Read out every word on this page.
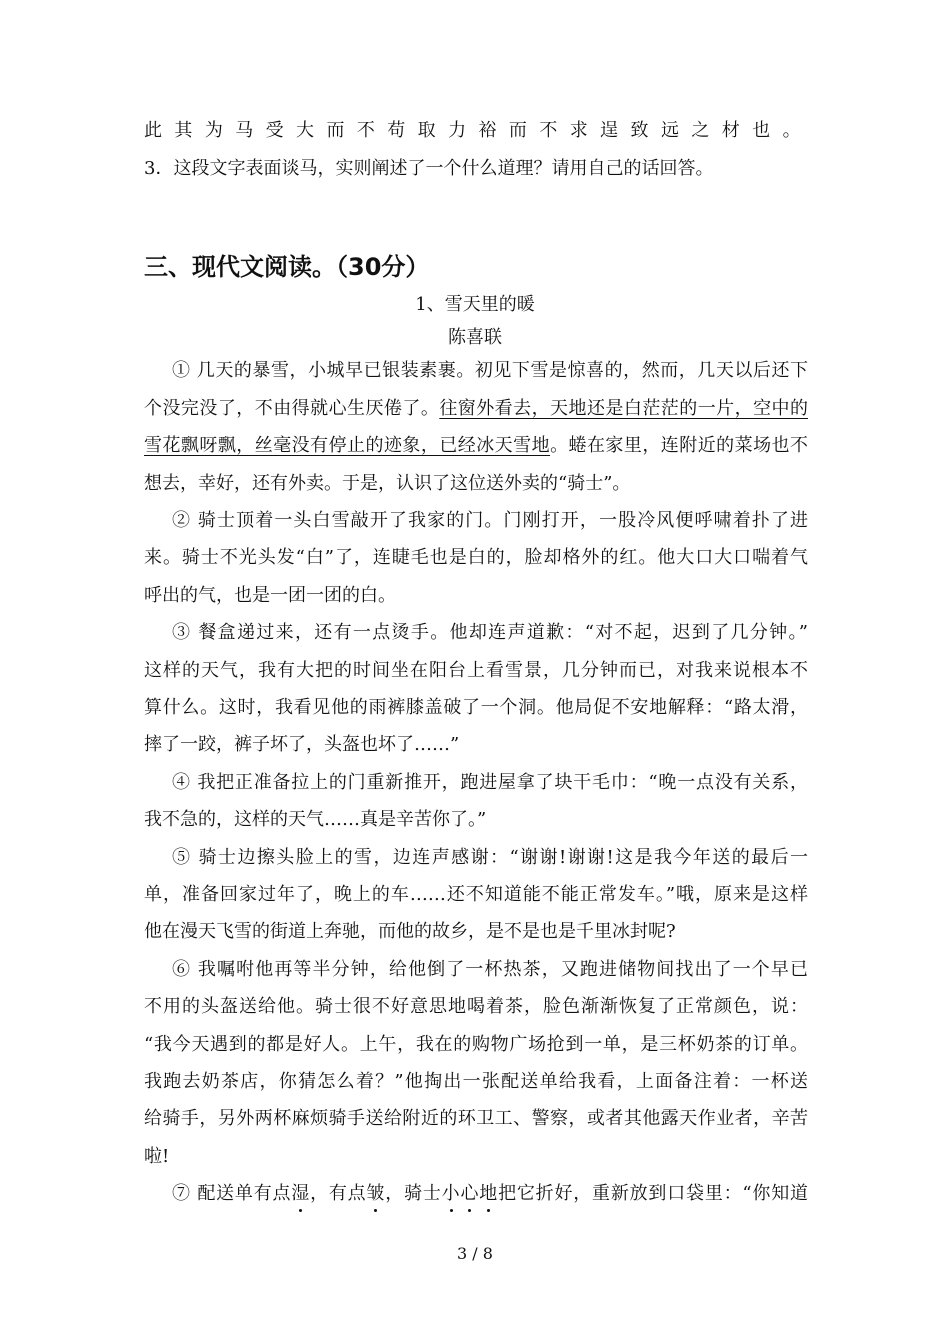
此其为马受大而不苟取力裕而不求逞致远之材也。
3．这段文字表面谈马，实则阐述了一个什么道理？请用自己的话回答。
三、现代文阅读。（30分）
1、雪天里的暖
陈喜联
① 几天的暴雪，小城早已银装素裹。初见下雪是惊喜的，然而，几天以后还下
个没完没了，不由得就心生厌倦了。往窗外看去，天地还是白茫茫的一片，空中的
雪花飘呀飘，丝毫没有停止的迹象，已经冰天雪地。蜷在家里，连附近的菜场也不
想去，幸好，还有外卖。于是，认识了这位送外卖的“骑士”。
② 骑士顶着一头白雪敲开了我家的门。门刚打开，一股冷风便呼啸着扑了进
来。骑士不光头发“白”了，连睫毛也是白的，脸却格外的红。他大口大口喘着气
呼出的气，也是一团一团的白。
③ 餐盒递过来，还有一点烫手。他却连声道歉：“对不起，迟到了几分钟。”
这样的天气，我有大把的时间坐在阳台上看雪景，几分钟而已，对我来说根本不
算什么。这时，我看见他的雨裤膝盖破了一个洞。他局促不安地解释：“路太滑，
摔了一跤，裤子坏了，头盔也坏了……”
④ 我把正准备拉上的门重新推开，跑进屋拿了块干毛巾：“晚一点没有关系，
我不急的，这样的天气……真是辛苦你了。”
⑤ 骑士边擦头脸上的雪，边连声感谢：“谢谢!谢谢!这是我今年送的最后一
单，准备回家过年了，晚上的车……还不知道能不能正常发车。”哦，原来是这样
他在漫天飞雪的街道上奔驰，而他的故乡，是不是也是千里冰封呢?
⑥ 我嘱咐他再等半分钟，给他倒了一杯热茶，又跑进储物间找出了一个早已
不用的头盔送给他。骑士很不好意思地喝着茶，脸色渐渐恢复了正常颜色，说：
“我今天遇到的都是好人。上午，我在的购物广场抢到一单，是三杯奶茶的订单。
我跑去奶茶店，你猜怎么着？”他掏出一张配送单给我看，上面备注着：一杯送
给骑手，另外两杯麻烦骑手送给附近的环卫工、警察，或者其他露天作业者，辛苦
啦!
⑦ 配送单有点湿，有点皱，骑士小心地把它折好，重新放到口袋里：“你知道
3 / 8
